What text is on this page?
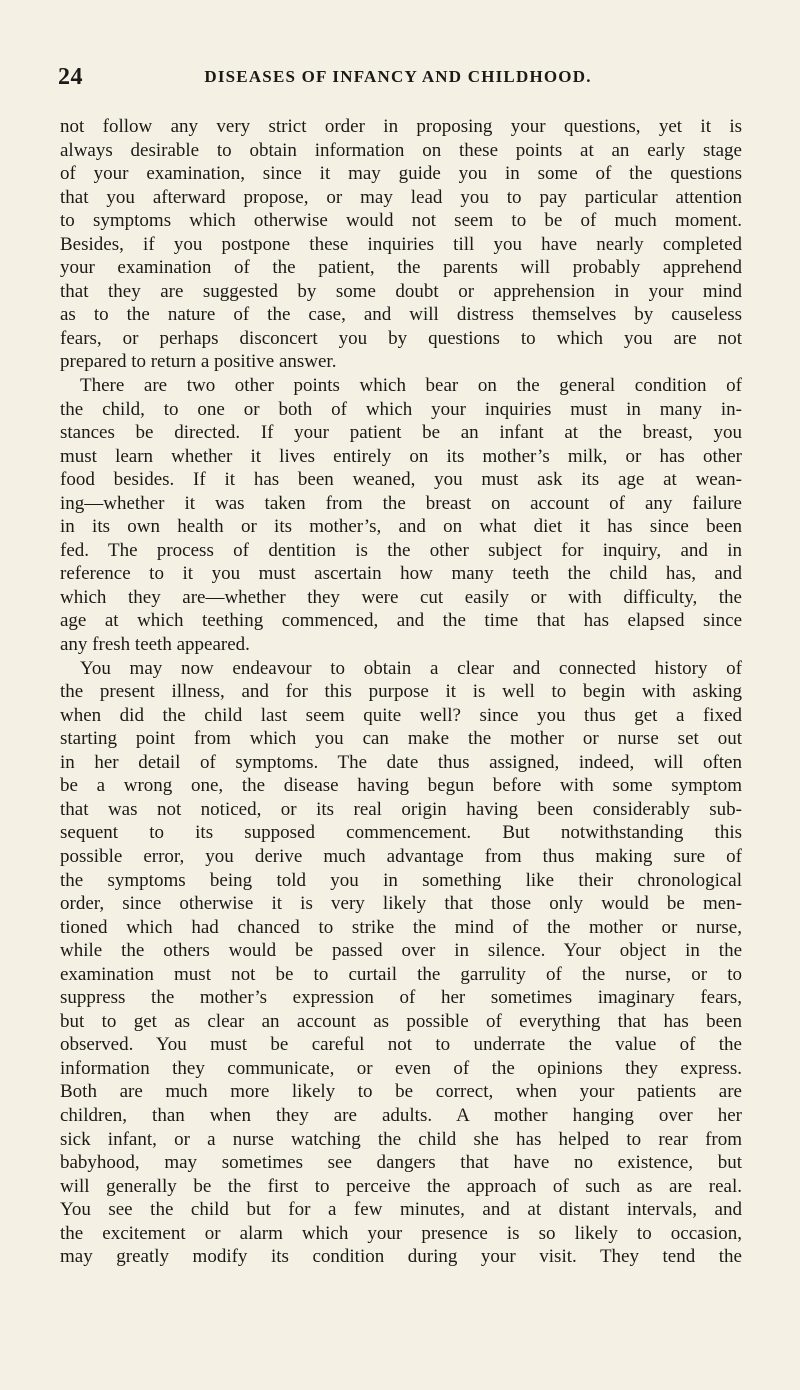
24	DISEASES OF INFANCY AND CHILDHOOD.
not follow any very strict order in proposing your questions, yet it is
always desirable to obtain information on these points at an early stage
of your examination, since it may guide you in some of the questions
that you afterward propose, or may lead you to pay particular attention
to symptoms which otherwise would not seem to be of much moment.
Besides, if you postpone these inquiries till you have nearly completed
your examination of the patient, the parents will probably apprehend
that they are suggested by some doubt or apprehension in your mind
as to the nature of the case, and will distress themselves by causeless
fears, or perhaps disconcert you by questions to which you are not
prepared to return a positive answer.
There are two other points which bear on the general condition of
the child, to one or both of which your inquiries must in many in-
stances be directed. If your patient be an infant at the breast, you
must learn whether it lives entirely on its mother’s milk, or has other
food besides. If it has been weaned, you must ask its age at wean-
ing—whether it was taken from the breast on account of any failure
in its own health or its mother’s, and on what diet it has since been
fed. The process of dentition is the other subject for inquiry, and in
reference to it you must ascertain how many teeth the child has, and
which they are—whether they were cut easily or with difficulty, the
age at which teething commenced, and the time that has elapsed since
any fresh teeth appeared.
You may now endeavour to obtain a clear and connected history of
the present illness, and for this purpose it is well to begin with asking
when did the child last seem quite well? since you thus get a fixed
starting point from which you can make the mother or nurse set out
in her detail of symptoms. The date thus assigned, indeed, will often
be a wrong one, the disease having begun before with some symptom
that was not noticed, or its real origin having been considerably sub-
sequent to its supposed commencement. But notwithstanding this
possible error, you derive much advantage from thus making sure of
the symptoms being told you in something like their chronological
order, since otherwise it is very likely that those only would be men-
tioned which had chanced to strike the mind of the mother or nurse,
while the others would be passed over in silence. Your object in the
examination must not be to curtail the garrulity of the nurse, or to
suppress the mother’s expression of her sometimes imaginary fears,
but to get as clear an account as possible of everything that has been
observed. You must be careful not to underrate the value of the
information they communicate, or even of the opinions they express.
Both are much more likely to be correct, when your patients are
children, than when they are adults. A mother hanging over her
sick infant, or a nurse watching the child she has helped to rear from
babyhood, may sometimes see dangers that have no existence, but
will generally be the first to perceive the approach of such as are real.
You see the child but for a few minutes, and at distant intervals, and
the excitement or alarm which your presence is so likely to occasion,
may greatly modify its condition during your visit. They tend the
